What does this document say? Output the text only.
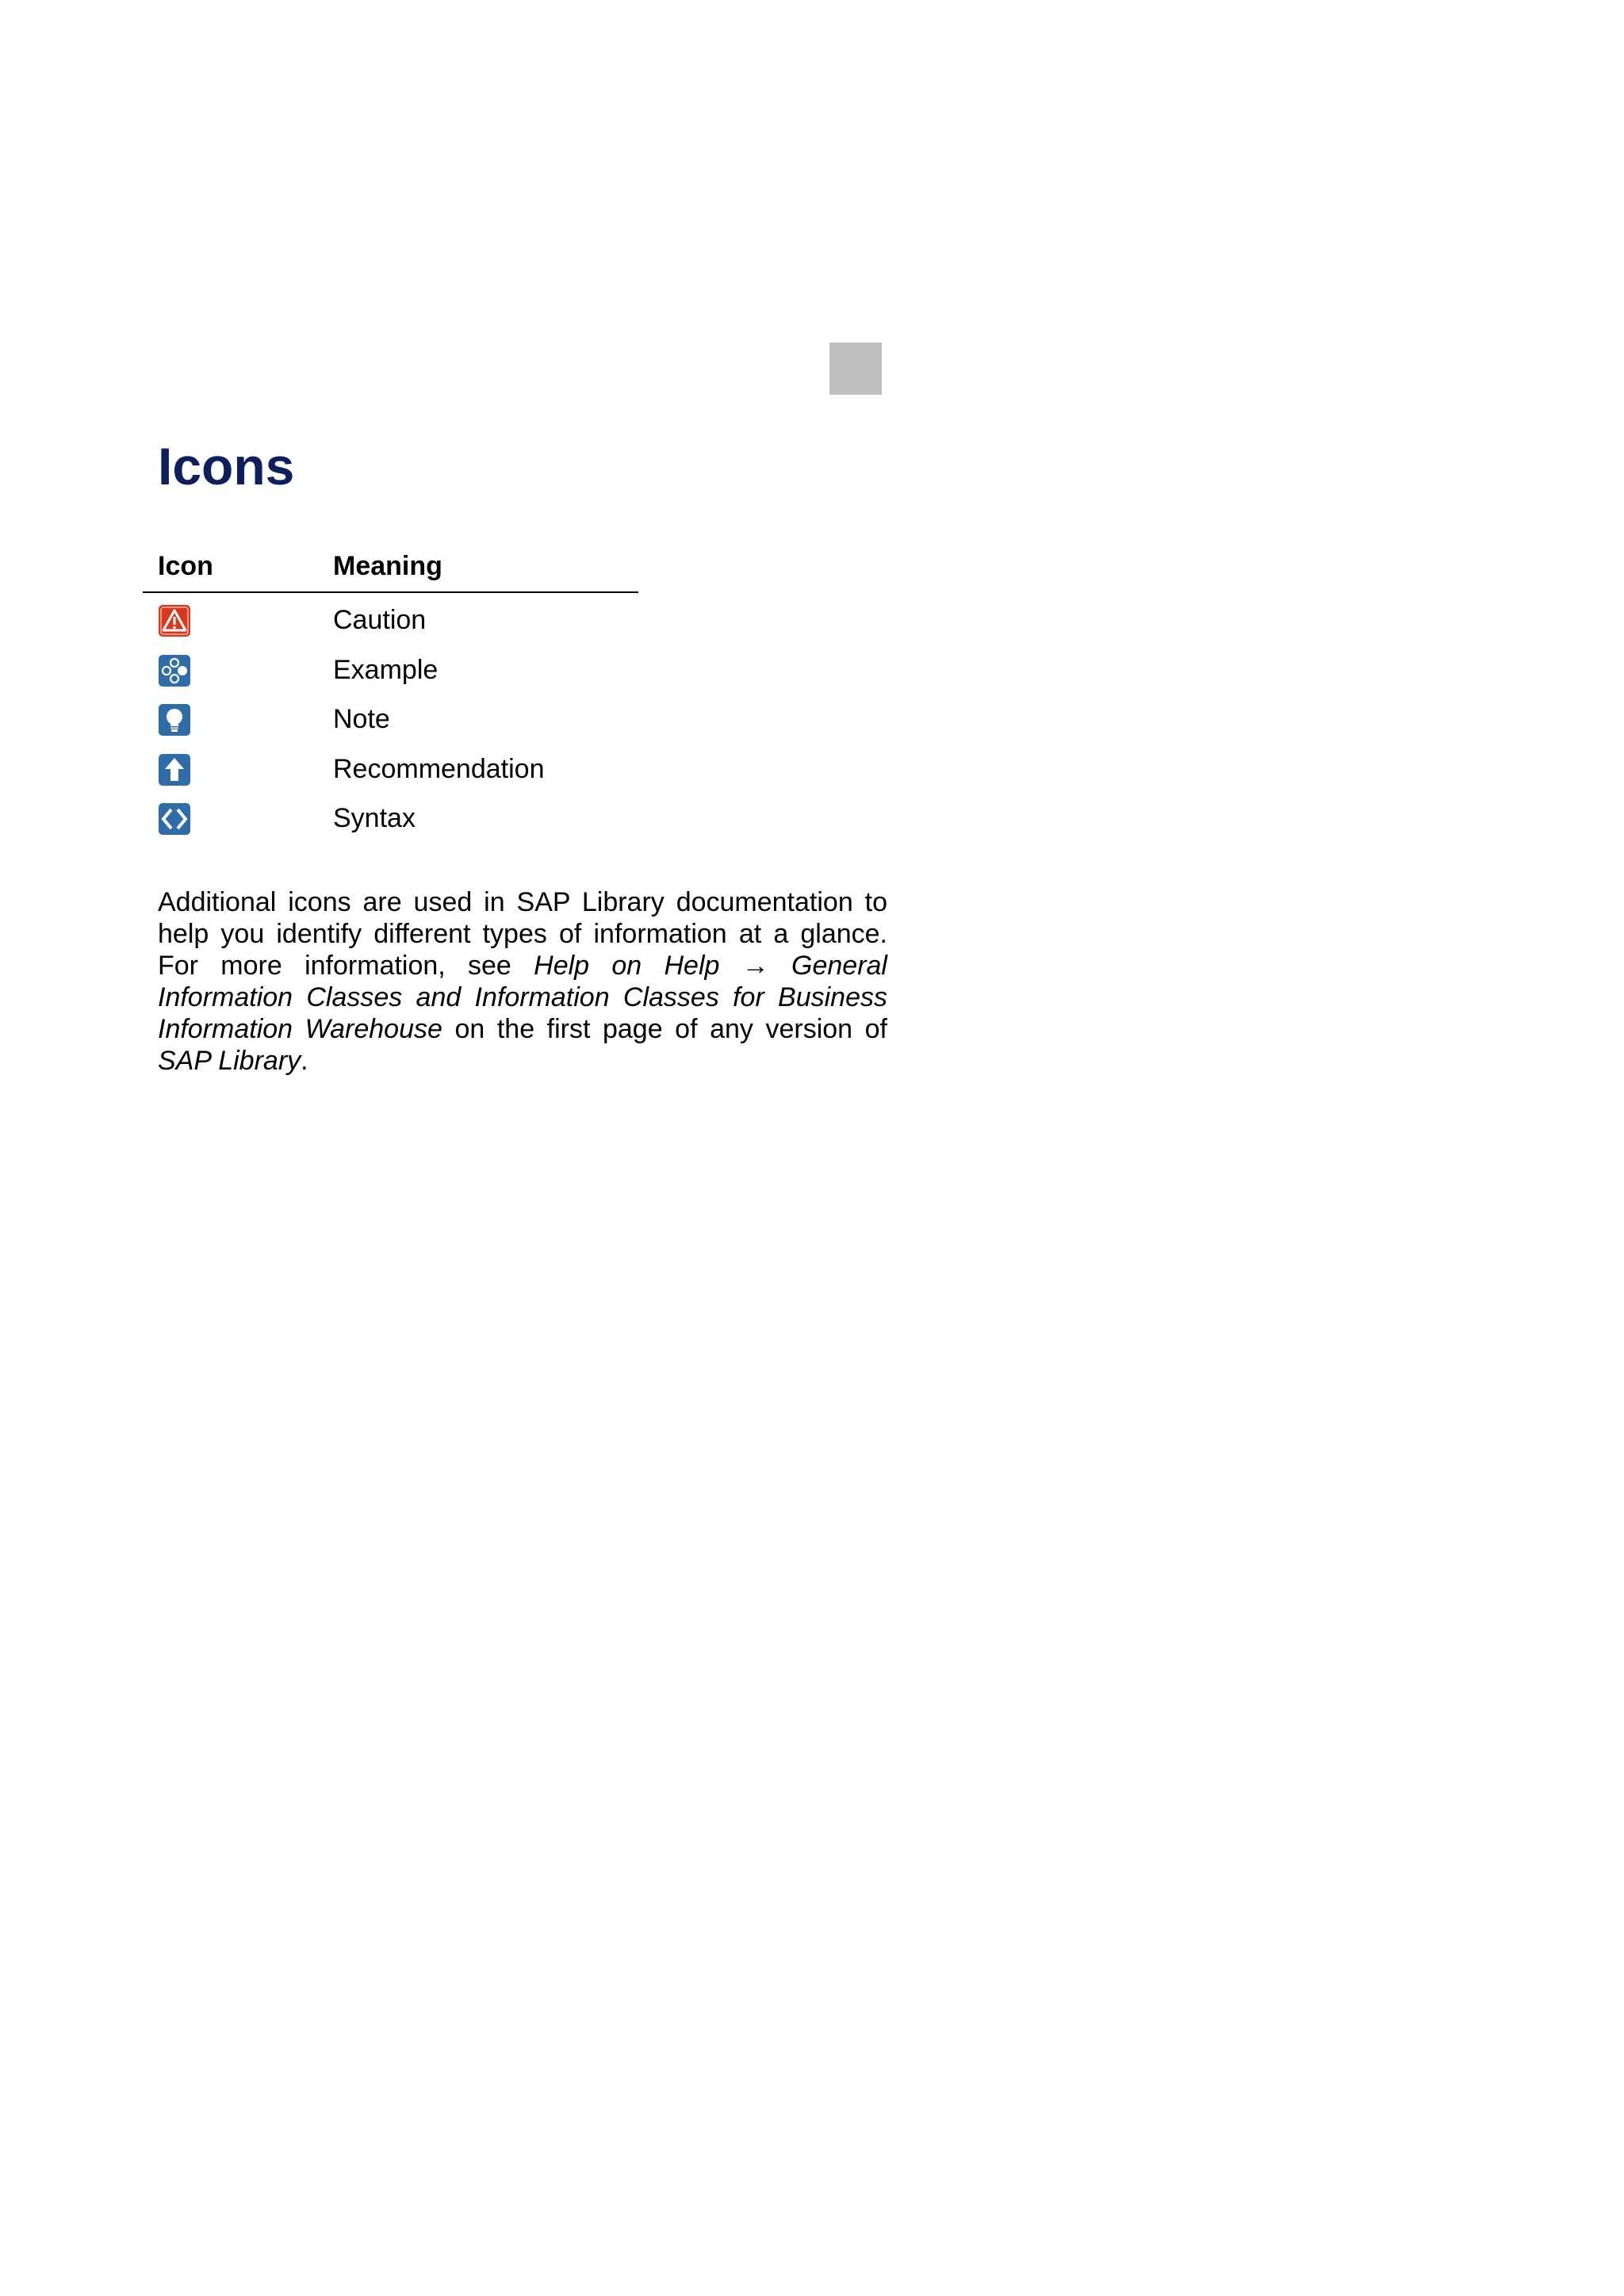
Icons
Icon	Meaning
Caution
Example
Note
Recommendation
Syntax

Additional icons are used in SAP Library documentation to help you identify different types of information at a glance. For more information, see Help on Help → General Information Classes and Information Classes for Business Information Warehouse on the first page of any version of SAP Library.
